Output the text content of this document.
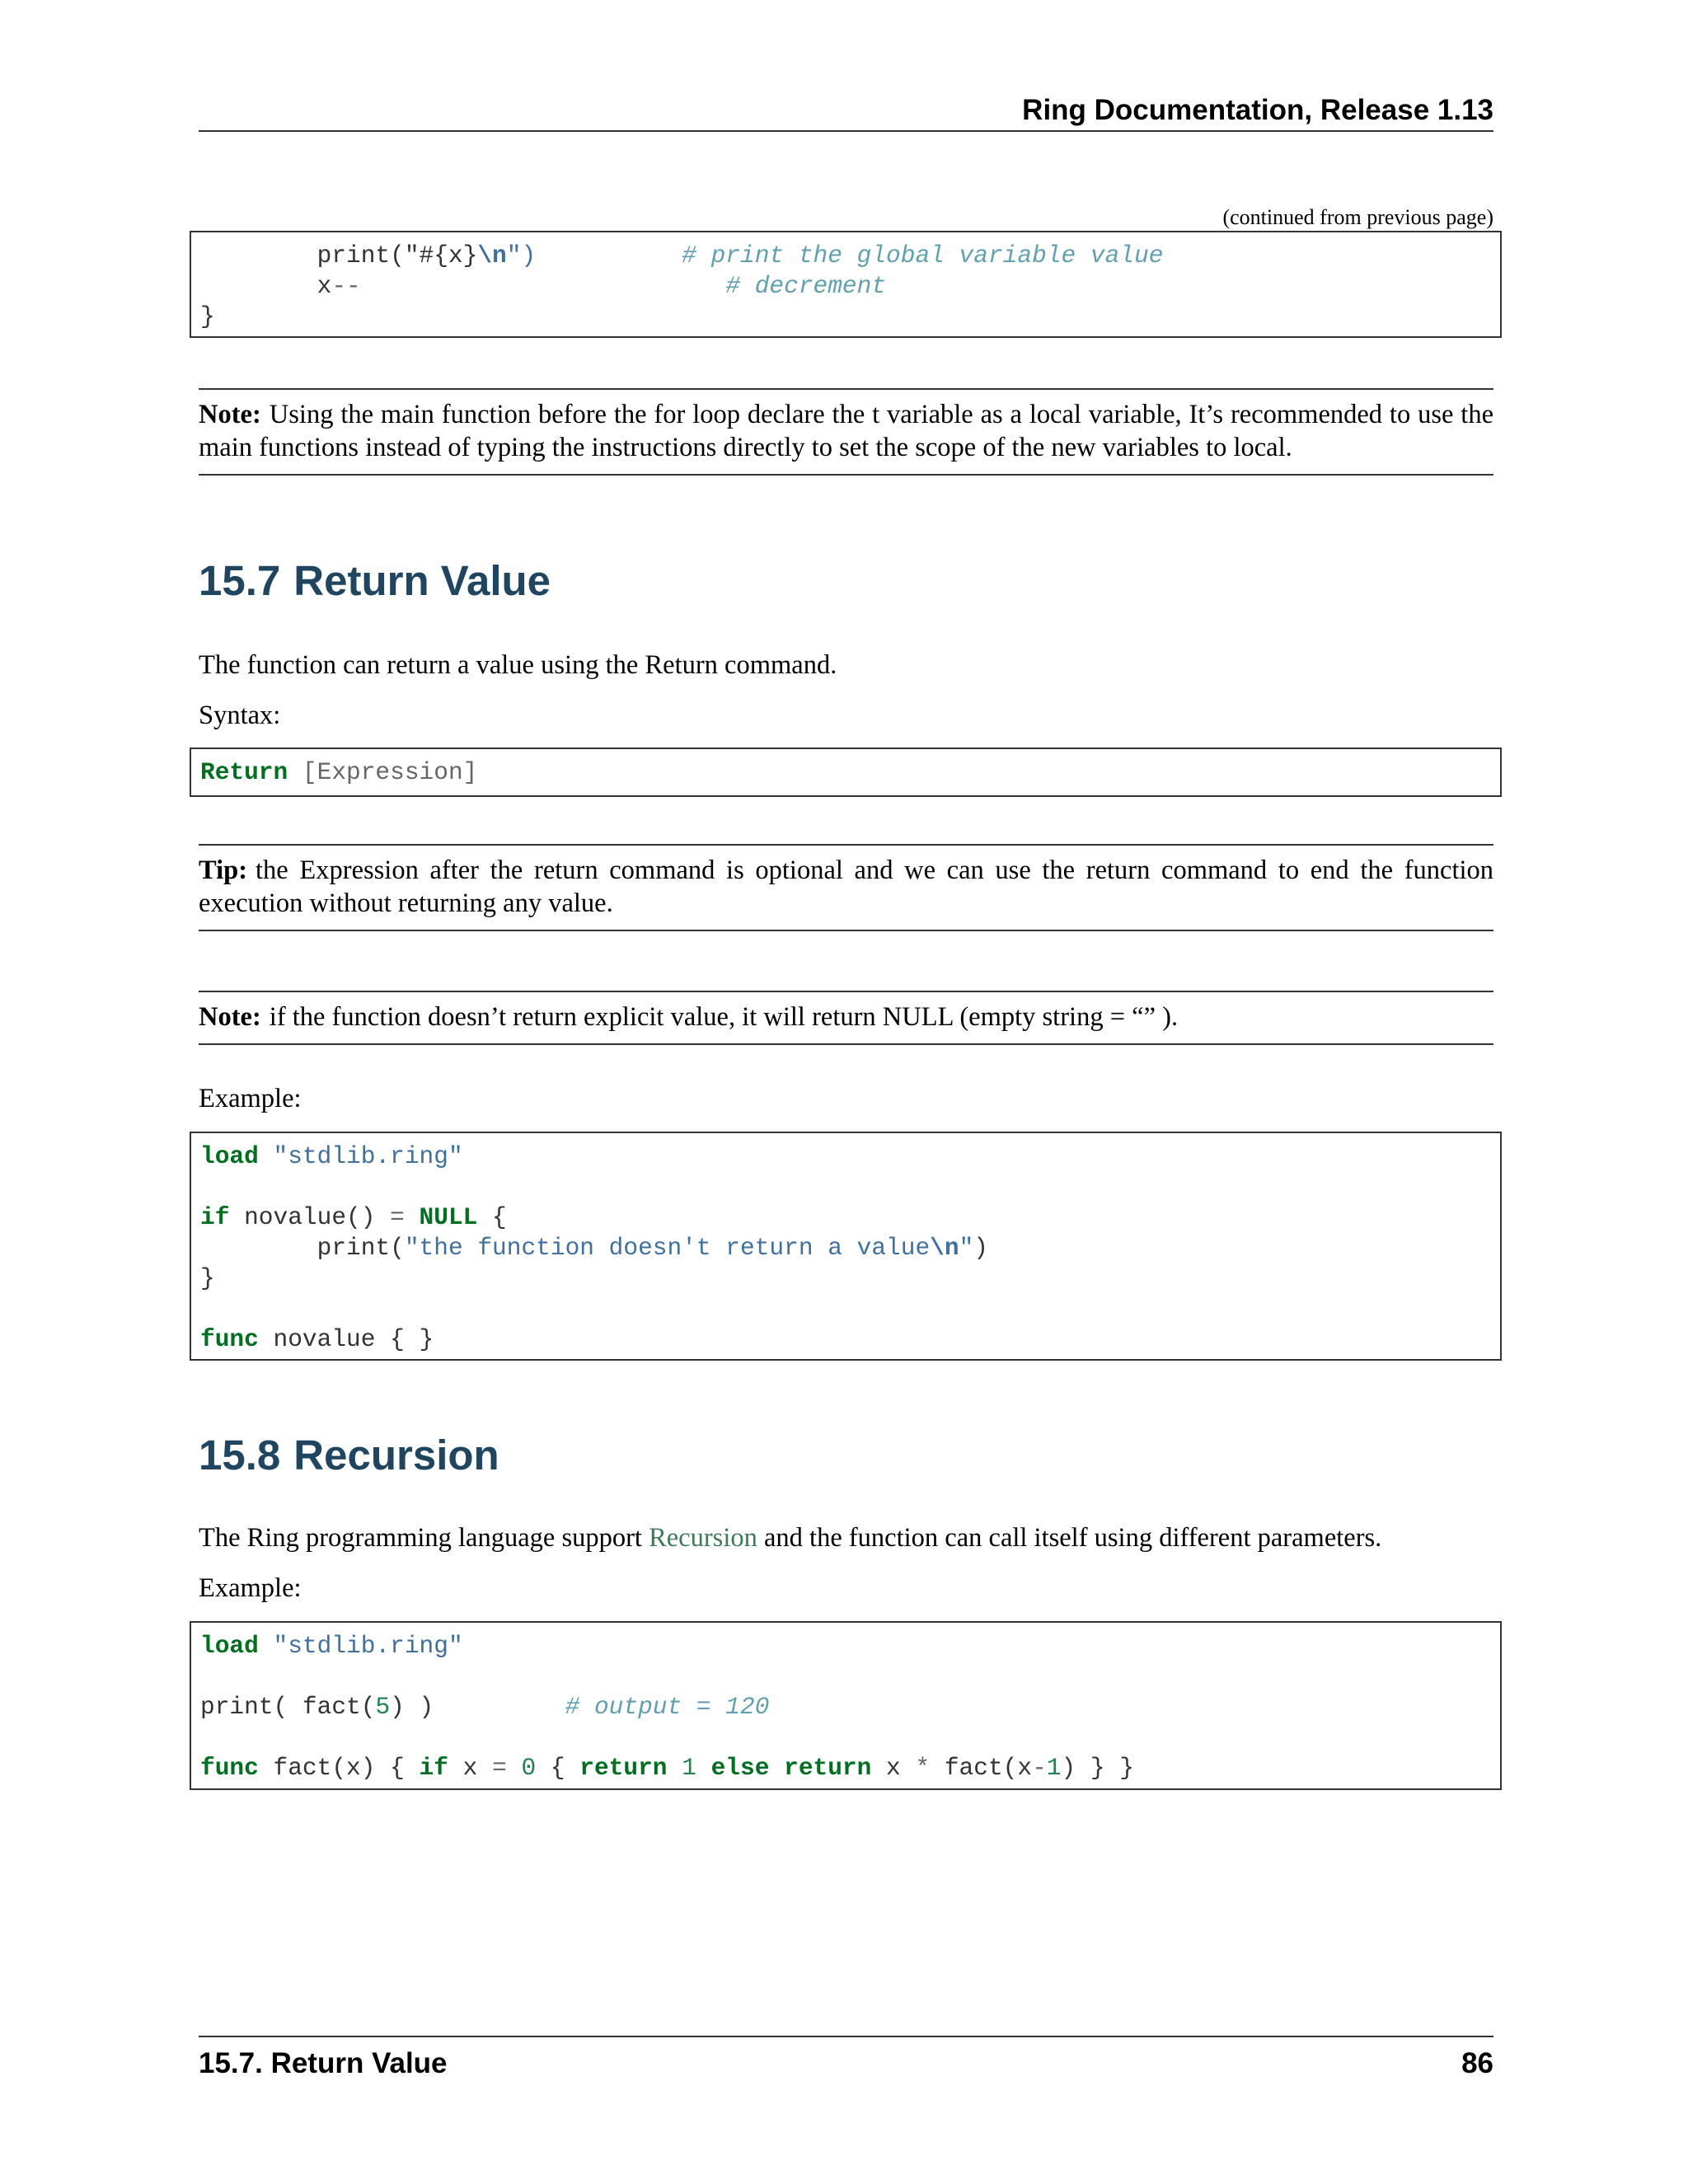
Ring Documentation, Release 1.13
(continued from previous page)
	print("#{x}\n")	# print the global variable value
	x--	# decrement
}
Note: Using the main function before the for loop declare the t variable as a local variable, It’s recommended to use the main functions instead of typing the instructions directly to set the scope of the new variables to local.
15.7 Return Value
The function can return a value using the Return command.
Syntax:
Return [Expression]
Tip: the Expression after the return command is optional and we can use the return command to end the function execution without returning any value.
Note: if the function doesn’t return explicit value, it will return NULL (empty string = “” ).
Example:
load "stdlib.ring"
if novalue() = NULL {
	print("the function doesn't return a value\n")
}
func novalue { }
15.8 Recursion
The Ring programming language support Recursion and the function can call itself using different parameters.
Example:
load "stdlib.ring"
print( fact(5) )	# output = 120
func fact(x) { if x = 0 { return 1 else return x * fact(x-1) } }
15.7. Return Value	86
